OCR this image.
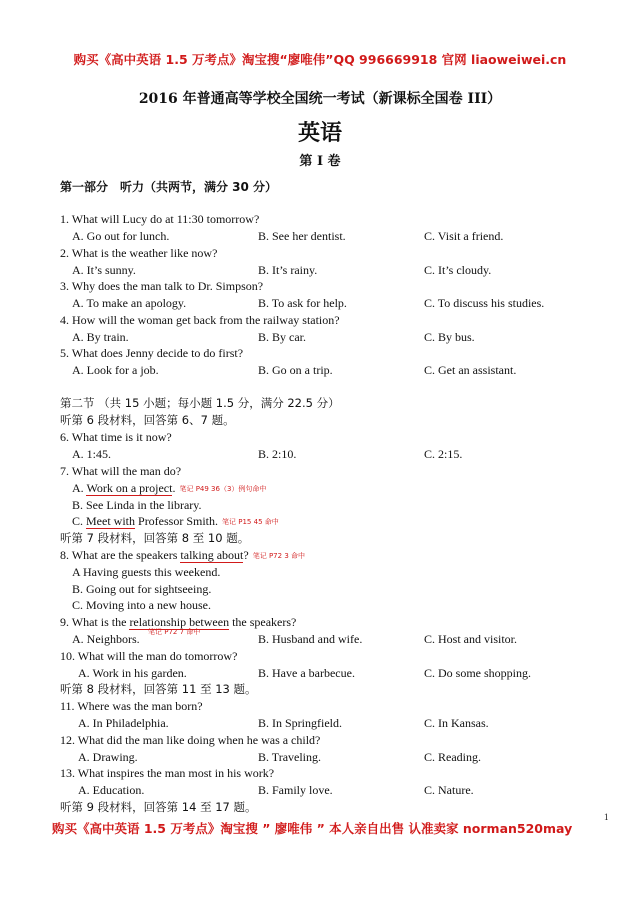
购买《高中英语 1.5 万考点》淘宝搜“廖唯伟”QQ 996669918 官网 liaoweiwei.cn
2016 年普通高等学校全国统一考试（新课标全国卷 III）
英语
第 I 卷
第一部分　听力（共两节，满分 30 分）
1. What will Lucy do at 11:30 tomorrow?
A. Go out for lunch.	B. See her dentist.	C. Visit a friend.
2. What is the weather like now?
A. It’s sunny.	B. It’s rainy.	C. It’s cloudy.
3. Why does the man talk to Dr. Simpson?
A. To make an apology.	B. To ask for help.	C. To discuss his studies.
4. How will the woman get back from the railway station?
A. By train.	B. By car.	C. By bus.
5. What does Jenny decide to do first?
A. Look for a job.	B. Go on a trip.	C. Get an assistant.
第二节 （共 15 小题；每小题 1.5 分，满分 22.5 分）
听第 6 段材料，回答第 6、7 题。
6. What time is it now?
A. 1:45.	B. 2:10.	C. 2:15.
7. What will the man do?
A. Work on a project. 笔记 P49 36（3）例句命中
B. See Linda in the library.
C. Meet with Professor Smith. 笔记 P15 45 命中
听第 7 段材料，回答第 8 至 10 题。
8. What are the speakers talking about? 笔记 P72 3 命中
A Having guests this weekend.
B. Going out for sightseeing.
C. Moving into a new house.
9. What is the relationship between the speakers?
笔记 P72 7 命中
A. Neighbors.	B. Husband and wife.	C. Host and visitor.
10. What will the man do tomorrow?
A. Work in his garden.	B. Have a barbecue.	C. Do some shopping.
听第 8 段材料，回答第 11 至 13 题。
11. Where was the man born?
A. In Philadelphia.	B. In Springfield.	C. In Kansas.
12. What did the man like doing when he was a child?
A. Drawing.	B. Traveling.	C. Reading.
13. What inspires the man most in his work?
A. Education.	B. Family love.	C. Nature.
听第 9 段材料，回答第 14 至 17 题。
1
购买《高中英语 1.5 万考点》淘宝搜 ” 廖唯伟 ” 本人亲自出售 认准卖家 norman520may
